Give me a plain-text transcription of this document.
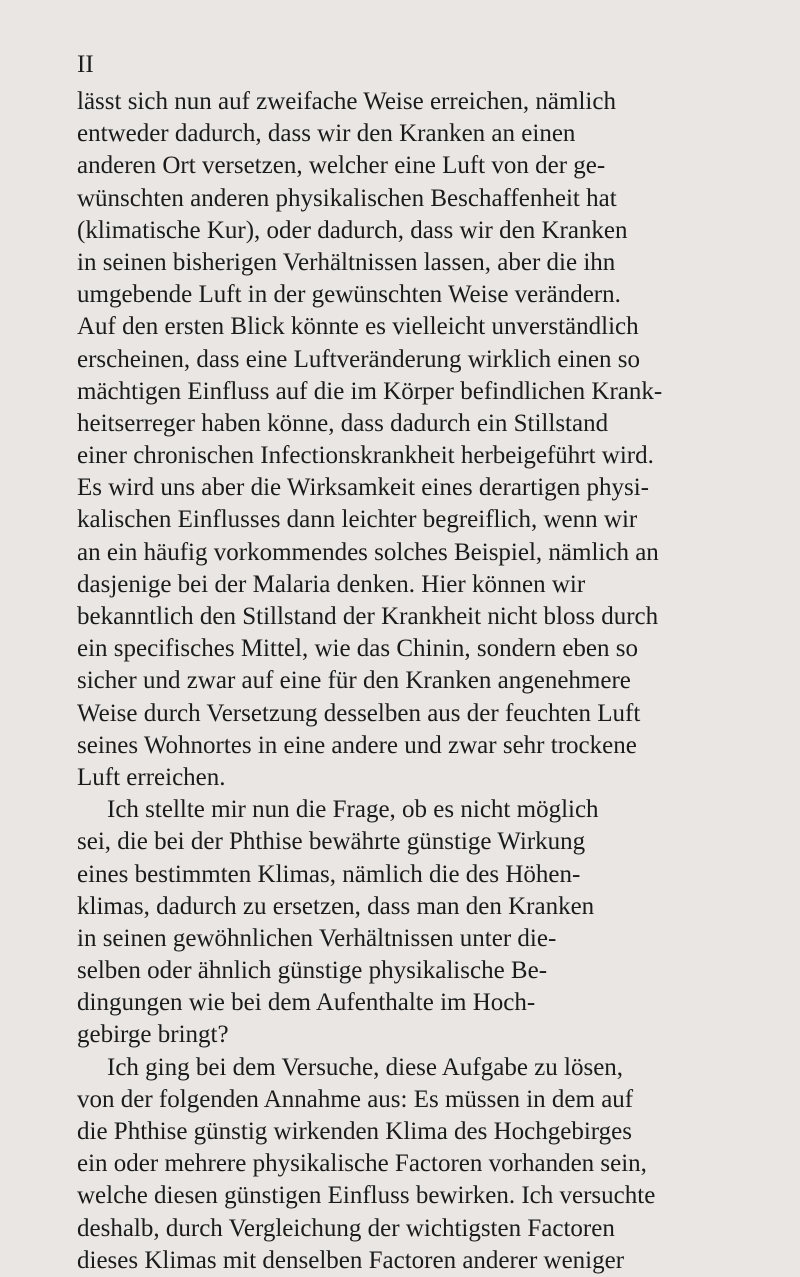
II
lässt sich nun auf zweifache Weise erreichen, nämlich
entweder dadurch, dass wir den Kranken an einen
anderen Ort versetzen, welcher eine Luft von der ge-
wünschten anderen physikalischen Beschaffenheit hat
(klimatische Kur), oder dadurch, dass wir den Kranken
in seinen bisherigen Verhältnissen lassen, aber die ihn
umgebende Luft in der gewünschten Weise verändern.
Auf den ersten Blick könnte es vielleicht unverständlich
erscheinen, dass eine Luftveränderung wirklich einen so
mächtigen Einfluss auf die im Körper befindlichen Krank-
heitserreger haben könne, dass dadurch ein Stillstand
einer chronischen Infectionskrankheit herbeigeführt wird.
Es wird uns aber die Wirksamkeit eines derartigen physi-
kalischen Einflusses dann leichter begreiflich, wenn wir
an ein häufig vorkommendes solches Beispiel, nämlich an
dasjenige bei der Malaria denken. Hier können wir
bekanntlich den Stillstand der Krankheit nicht bloss durch
ein specifisches Mittel, wie das Chinin, sondern eben so
sicher und zwar auf eine für den Kranken angenehmere
Weise durch Versetzung desselben aus der feuchten Luft
seines Wohnortes in eine andere und zwar sehr trockene
Luft erreichen.
Ich stellte mir nun die Frage, ob es nicht möglich
sei, die bei der Phthise bewährte günstige Wirkung
eines bestimmten Klimas, nämlich die des Höhen-
klimas, dadurch zu ersetzen, dass man den Kranken
in seinen gewöhnlichen Verhältnissen unter die-
selben oder ähnlich günstige physikalische Be-
dingungen wie bei dem Aufenthalte im Hoch-
gebirge bringt?
Ich ging bei dem Versuche, diese Aufgabe zu lösen,
von der folgenden Annahme aus: Es müssen in dem auf
die Phthise günstig wirkenden Klima des Hochgebirges
ein oder mehrere physikalische Factoren vorhanden sein,
welche diesen günstigen Einfluss bewirken. Ich versuchte
deshalb, durch Vergleichung der wichtigsten Factoren
dieses Klimas mit denselben Factoren anderer weniger
